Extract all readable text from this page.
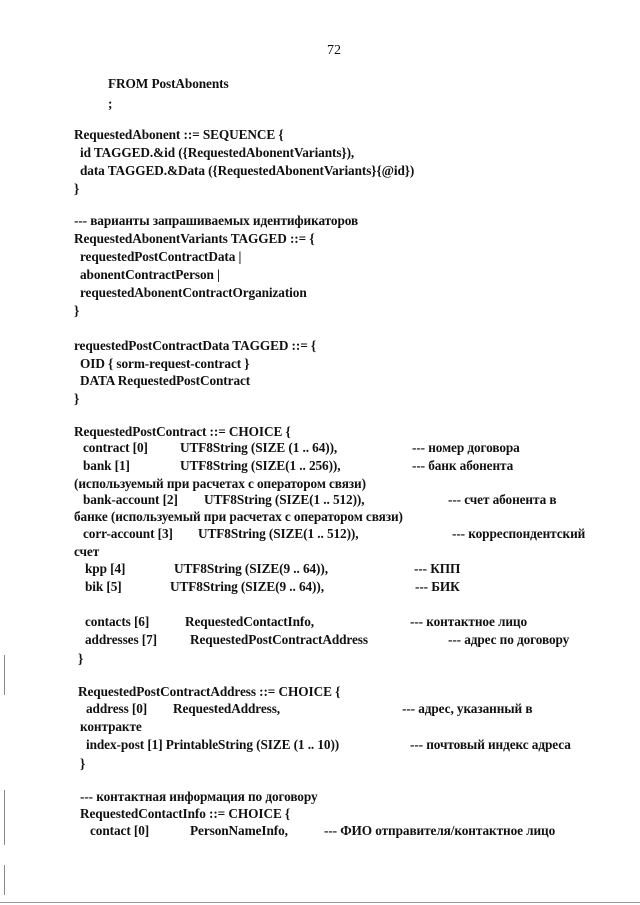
72
FROM PostAbonents
;
RequestedAbonent ::= SEQUENCE {
id TAGGED.&id ({RequestedAbonentVariants}),
data TAGGED.&Data ({RequestedAbonentVariants}{@id})
}
--- варианты запрашиваемых идентификаторов
RequestedAbonentVariants TAGGED ::= {
requestedPostContractData |
abonentContractPerson |
requestedAbonentContractOrganization
}
requestedPostContractData TAGGED ::= {
OID { sorm-request-contract }
DATA RequestedPostContract
}
RequestedPostContract ::= CHOICE {
contract [0] UTF8String (SIZE (1 .. 64)),	--- номер договора
bank [1]	UTF8String (SIZE(1 .. 256)),	--- банк абонента
(используемый при расчетах с оператором связи)
bank-account [2] UTF8String (SIZE(1 .. 512)),	--- счет абонента в
банке (используемый при расчетах с оператором связи)
corr-account [3] UTF8String (SIZE(1 .. 512)),	--- корреспондентский
счет
kpp [4]	UTF8String (SIZE(9 .. 64)),	--- КПП
bik [5]	UTF8String (SIZE(9 .. 64)),	--- БИК
contacts [6]	RequestedContactInfo,	--- контактное лицо
addresses [7] RequestedPostContractAddress	--- адрес по договору
}
RequestedPostContractAddress ::= CHOICE {
address [0] RequestedAddress,	--- адрес, указанный в
контракте
index-post [1] PrintableString (SIZE (1 .. 10))	--- почтовый индекс адреса
}
--- контактная информация по договору
RequestedContactInfo ::= CHOICE {
contact [0]	PersonNameInfo,	--- ФИО отправителя/контактное лицо
